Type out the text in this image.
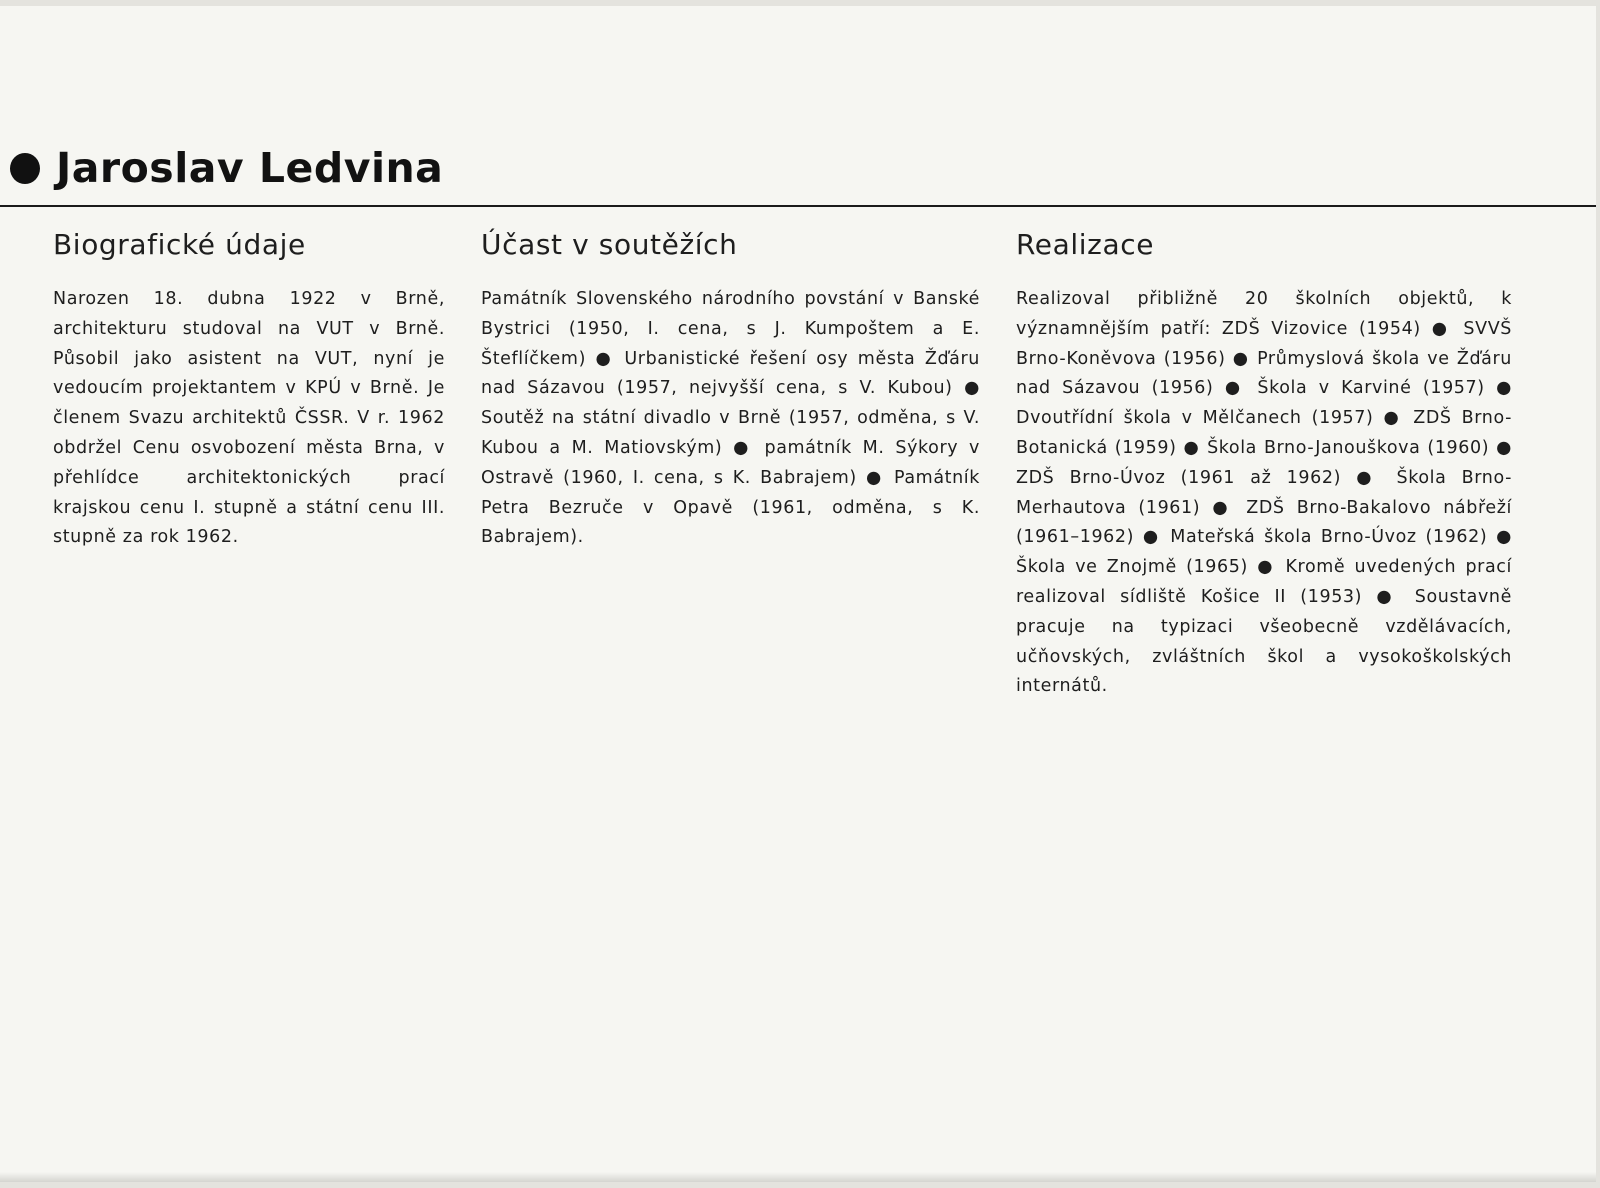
Jaroslav Ledvina
Biografické údaje

Narozen 18. dubna 1922 v Brně, architekturu studoval na VUT v Brně. Působil jako asistent na VUT, nyní je vedoucím projektantem v KPÚ v Brně. Je členem Svazu architektů ČSSR. V r. 1962 obdržel Cenu osvobození města Brna, v přehlídce architektonických prací krajskou cenu I. stupně a státní cenu III. stupně za rok 1962.

Účast v soutěžích

Památník Slovenského národního povstání v Banské Bystrici (1950, I. cena, s J. Kumpoštem a E. Šteflíčkem) ● Urbanistické řešení osy města Žďáru nad Sázavou (1957, nejvyšší cena, s V. Kubou) ● Soutěž na státní divadlo v Brně (1957, odměna, s V. Kubou a M. Matiovským) ● památník M. Sýkory v Ostravě (1960, I. cena, s K. Babrajem) ● Památník Petra Bezruče v Opavě (1961, odměna, s K. Babrajem).

Realizace

Realizoval přibližně 20 školních objektů, k významnějším patří: ZDŠ Vizovice (1954) ● SVVŠ Brno-Koněvova (1956) ● Průmyslová škola ve Žďáru nad Sázavou (1956) ● Škola v Karviné (1957) ● Dvoutřídní škola v Mělčanech (1957) ● ZDŠ Brno-Botanická (1959) ● Škola Brno-Janouškova (1960) ● ZDŠ Brno-Úvoz (1961 až 1962) ● Škola Brno-Merhautova (1961) ● ZDŠ Brno-Bakalovo nábřeží (1961–1962) ● Mateřská škola Brno-Úvoz (1962) ● Škola ve Znojmě (1965) ● Kromě uvedených prací realizoval sídliště Košice II (1953) ● Soustavně pracuje na typizaci všeobecně vzdělávacích, učňovských, zvláštních škol a vysokoškolských internátů.
